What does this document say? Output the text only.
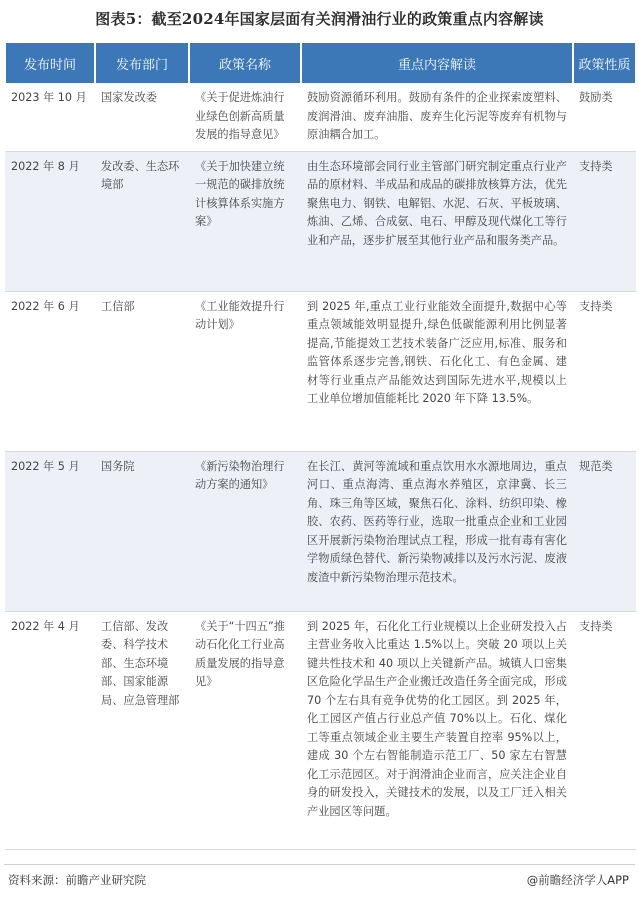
图表5：截至2024年国家层面有关润滑油行业的政策重点内容解读
发布时间	发布部门	政策名称	重点内容解读	政策性质
2023 年 10 月	国家发改委	《关于促进炼油行业绿色创新高质量发展的指导意见》	鼓励资源循环利用。鼓励有条件的企业探索废塑料、废润滑油、废弃油脂、废弃生化污泥等废弃有机物与原油耦合加工。	鼓励类
2022 年 8 月	发改委、生态环境部	《关于加快建立统一规范的碳排放统计核算体系实施方案》	由生态环境部会同行业主管部门研究制定重点行业产品的原材料、半成品和成品的碳排放核算方法，优先聚焦电力、钢铁、电解铝、水泥、石灰、平板玻璃、炼油、乙烯、合成氨、电石、甲醇及现代煤化工等行业和产品，逐步扩展至其他行业产品和服务类产品。	支持类
2022 年 6 月	工信部	《工业能效提升行动计划》	到 2025 年,重点工业行业能效全面提升,数据中心等重点领域能效明显提升,绿色低碳能源利用比例显著提高,节能提效工艺技术装备广泛应用,标准、服务和监管体系逐步完善,钢铁、石化化工、有色金属、建材等行业重点产品能效达到国际先进水平,规模以上工业单位增加值能耗比 2020 年下降 13.5%。	支持类
2022 年 5 月	国务院	《新污染物治理行动方案的通知》	在长江、黄河等流域和重点饮用水水源地周边，重点河口、重点海湾、重点海水养殖区，京津冀、长三角、珠三角等区域，聚焦石化、涂料、纺织印染、橡胶、农药、医药等行业，选取一批重点企业和工业园区开展新污染物治理试点工程，形成一批有毒有害化学物质绿色替代、新污染物减排以及污水污泥、废液废渣中新污染物治理示范技术。	规范类
2022 年 4 月	工信部、发改委、科学技术部、生态环境部、国家能源局、应急管理部	《关于“十四五”推动石化化工行业高质量发展的指导意见》	到 2025 年，石化化工行业规模以上企业研发投入占主营业务收入比重达 1.5%以上。突破 20 项以上关键共性技术和 40 项以上关键新产品。城镇人口密集区危险化学品生产企业搬迁改造任务全面完成，形成 70 个左右具有竞争优势的化工园区。到 2025 年，化工园区产值占行业总产值 70%以上。石化、煤化工等重点领域企业主要生产装置自控率 95%以上，建成 30 个左右智能制造示范工厂、50 家左右智慧化工示范园区。对于润滑油企业而言，应关注企业自身的研发投入，关键技术的发展，以及工厂迁入相关产业园区等问题。	支持类
资料来源：前瞻产业研究院	@前瞻经济学人APP
